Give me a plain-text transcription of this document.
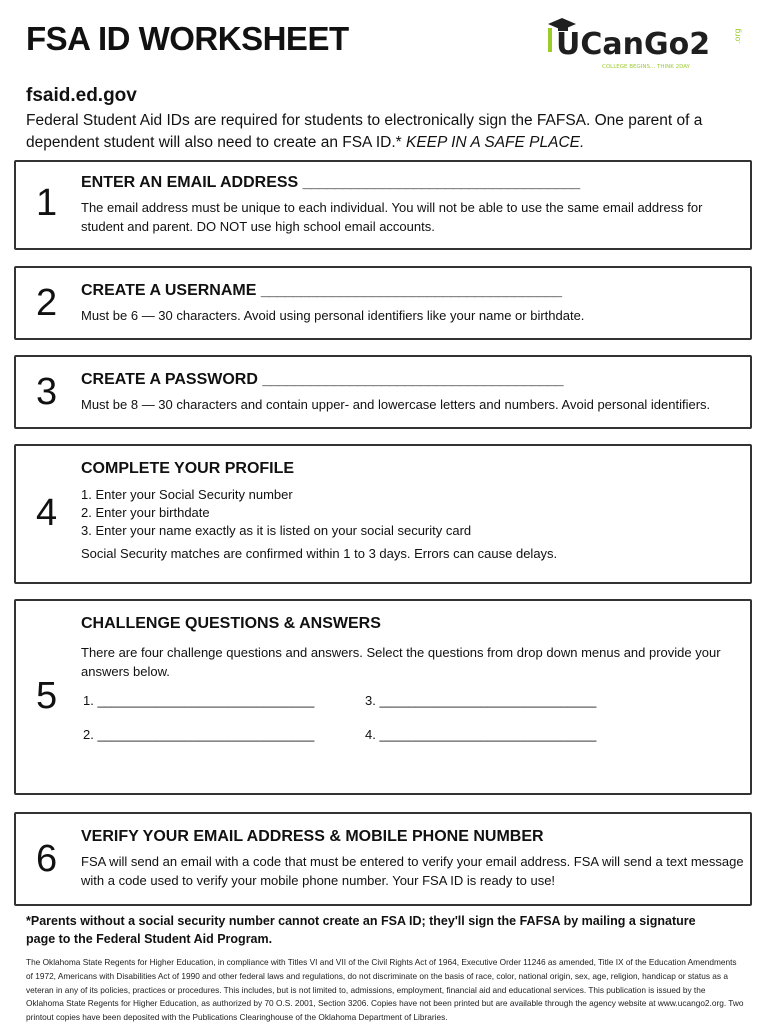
FSA ID WORKSHEET	UCanGo2	.org
COLLEGE BEGINS... THINK 2DAY
fsaid.ed.gov
Federal Student Aid IDs are required for students to electronically sign the FAFSA. One parent of a dependent student will also need to create an FSA ID.* KEEP IN A SAFE PLACE.
1	ENTER AN EMAIL ADDRESS ___________________________________

The email address must be unique to each individual. You will not be able to use the same email address for student and parent. DO NOT use high school email accounts.

2	CREATE A USERNAME ______________________________________

Must be 6 — 30 characters. Avoid using personal identifiers like your name or birthdate.

3	CREATE A PASSWORD ______________________________________

Must be 8 — 30 characters and contain upper- and lowercase letters and numbers. Avoid personal identifiers.

4
COMPLETE YOUR PROFILE
1. Enter your Social Security number
2. Enter your birthdate
3. Enter your name exactly as it is listed on your social security card

Social Security matches are confirmed within 1 to 3 days. Errors can cause delays.

5
CHALLENGE QUESTIONS & ANSWERS

There are four challenge questions and answers. Select the questions from drop down menus and provide your answers below.

1. ______________________________
2. ______________________________
3. ______________________________
4. ______________________________
6
VERIFY YOUR EMAIL ADDRESS & MOBILE PHONE NUMBER

FSA will send an email with a code that must be entered to verify your email address. FSA will send a text message with a code used to verify your mobile phone number. Your FSA ID is ready to use!

*Parents without a social security number cannot create an FSA ID; they'll sign the FAFSA by mailing a signature page to the Federal Student Aid Program.
The Oklahoma State Regents for Higher Education, in compliance with Titles VI and VII of the Civil Rights Act of 1964, Executive Order 11246 as amended, Title IX of the Education Amendments of 1972, Americans with Disabilities Act of 1990 and other federal laws and regulations, do not discriminate on the basis of race, color, national origin, sex, age, religion, handicap or status as a veteran in any of its policies, practices or procedures. This includes, but is not limited to, admissions, employment, financial aid and educational services. This publication is issued by the Oklahoma State Regents for Higher Education, as authorized by 70 O.S. 2001, Section 3206. Copies have not been printed but are available through the agency website at www.ucango2.org. Two printout copies have been deposited with the Publications Clearinghouse of the Oklahoma Department of Libraries.
